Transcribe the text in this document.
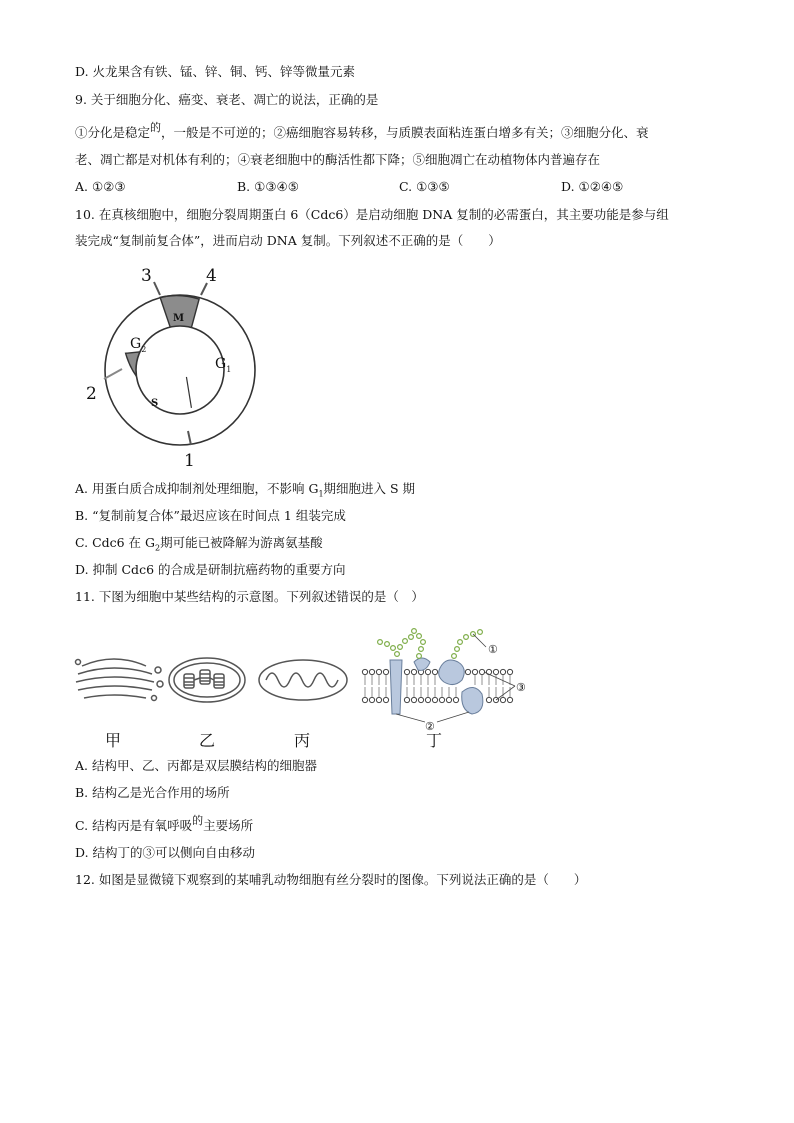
D. 火龙果含有铁、锰、锌、铜、钙、锌等微量元素
9. 关于细胞分化、癌变、衰老、凋亡的说法，正确的是
①分化是稳定的，一般是不可逆的；②癌细胞容易转移，与质膜表面粘连蛋白增多有关；③细胞分化、衰
老、凋亡都是对机体有利的；④衰老细胞中的酶活性都下降；⑤细胞凋亡在动植物体内普遍存在
A. ①②③	B. ①③④⑤	C. ①③⑤	D. ①②④⑤
10. 在真核细胞中，细胞分裂周期蛋白 6（Cdc6）是启动细胞 DNA 复制的必需蛋白，其主要功能是参与组
装完成“复制前复合体”，进而启动 DNA 复制。下列叙述不正确的是（　　）
M
S
$G_2$
$G_1$
1
2
3	4
A. 用蛋白质合成抑制剂处理细胞，不影响 $G_1$期细胞进入 S 期
B. “复制前复合体”最迟应该在时间点 1 组装完成
C. Cdc6 在 $G_2$期可能已被降解为游离氨基酸
D. 抑制 Cdc6 的合成是研制抗癌药物的重要方向
11. 下图为细胞中某些结构的示意图。下列叙述错误的是（　）
①
③
②
甲	乙	丙	丁
A. 结构甲、乙、丙都是双层膜结构的细胞器
B. 结构乙是光合作用的场所
C. 结构丙是有氧呼吸的主要场所
D. 结构丁的③可以侧向自由移动
12. 如图是显微镜下观察到的某哺乳动物细胞有丝分裂时的图像。下列说法正确的是（　　）
